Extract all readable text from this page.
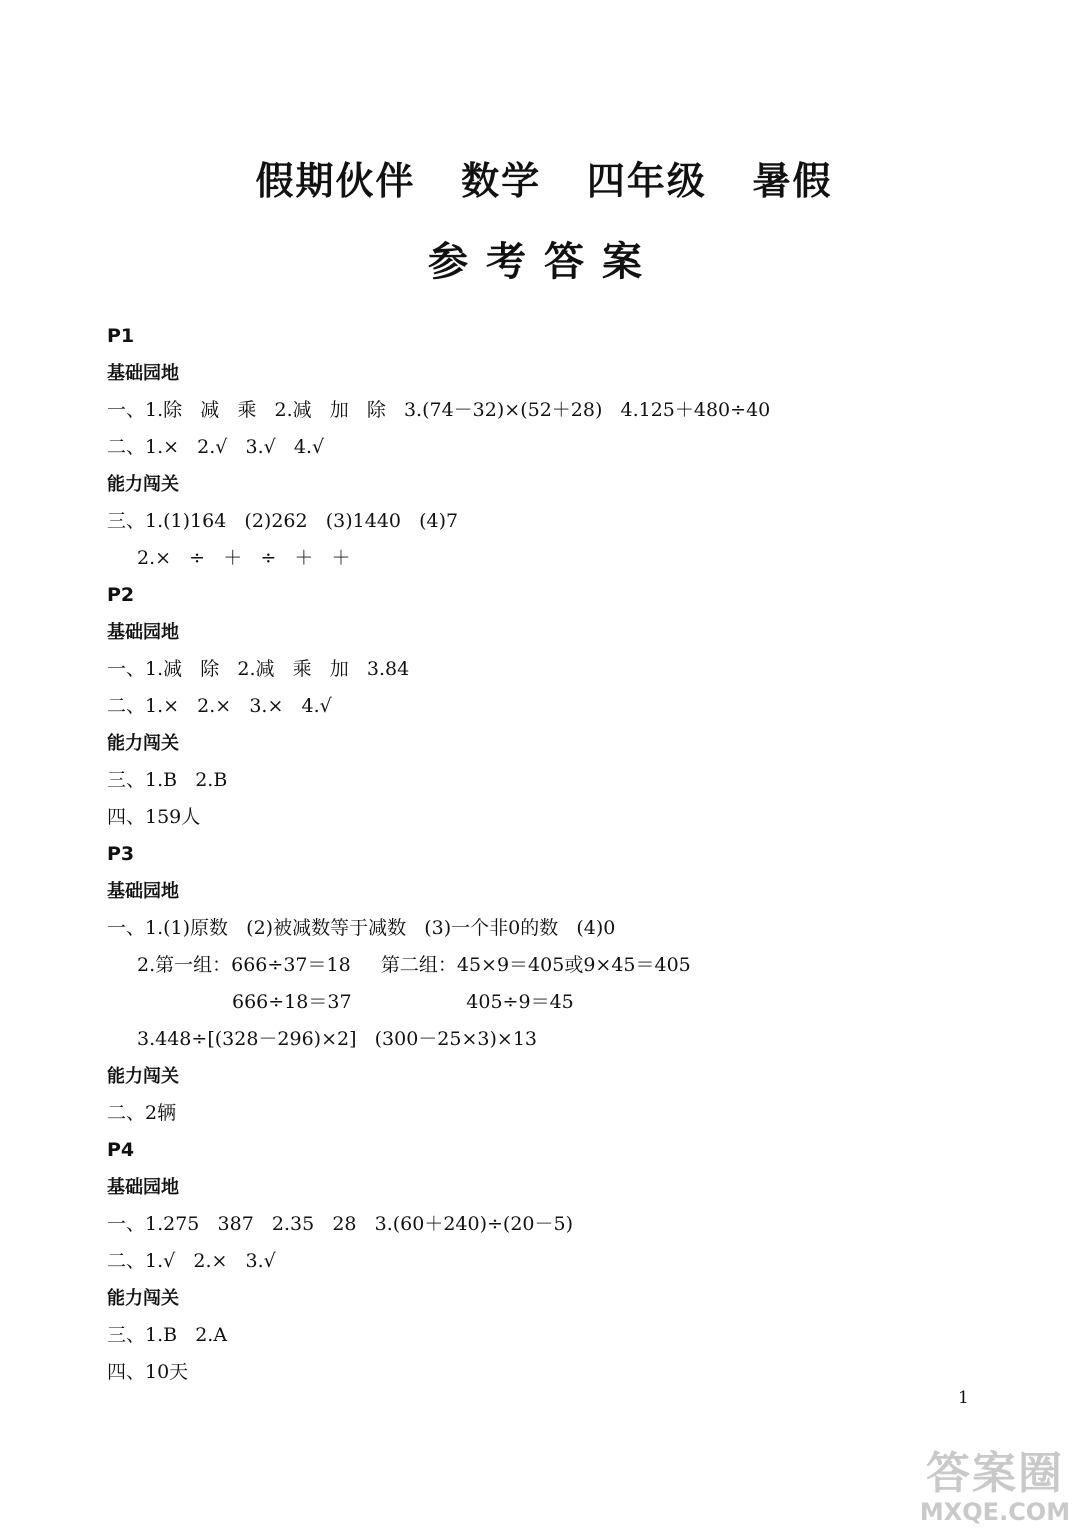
假期伙伴   数学   四年级   暑假
参考答案
P1
基础园地
一、1.除   减   乘   2.减   加   除   3.(74－32)×(52＋28)   4.125＋480÷40
二、1.×   2.√   3.√   4.√
能力闯关
三、1.(1)164   (2)262   (3)1440   (4)7
2.×   ÷   ＋   ÷   ＋   ＋
P2
基础园地
一、1.减   除   2.减   乘   加   3.84
二、1.×   2.×   3.×   4.√
能力闯关
三、1.B   2.B
四、159人
P3
基础园地
一、1.(1)原数   (2)被减数等于减数   (3)一个非0的数   (4)0
2.第一组：666÷37＝18     第二组：45×9＝405或9×45＝405
666÷18＝37                   405÷9＝45
3.448÷[(328－296)×2]   (300－25×3)×13
能力闯关
二、2辆
P4
基础园地
一、1.275   387   2.35   28   3.(60＋240)÷(20－5)
二、1.√   2.×   3.√
能力闯关
三、1.B   2.A
四、10天
1
答案圈
MXQE.COM
